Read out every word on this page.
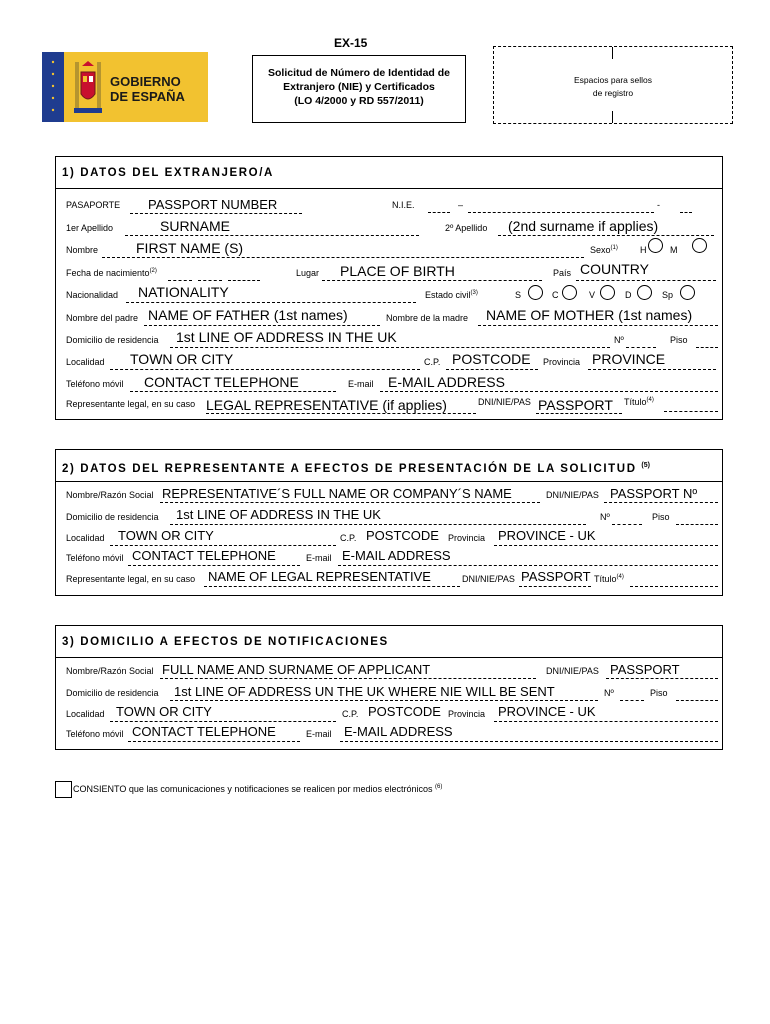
EX-15
GOBIERNO
DE ESPAÑA
Solicitud de Número de Identidad de
Extranjero (NIE) y Certificados
(LO 4/2000 y RD 557/2011)
Espacios para sellos
de registro
1) DATOS DEL EXTRANJERO/A
PASAPORTE PASSPORT NUMBER	N.I.E.	–	-
1er Apellido	SURNAME	2º Apellido (2nd surname if applies)
Nombre	FIRST NAME (S)	Sexo$^{(1)}$ H	M
Fecha de nacimiento$^{(2)}$	Lugar PLACE OF BIRTH	País COUNTRY
Nacionalidad NATIONALITY	Estado civil$^{(3)}$	S	C	V	D	Sp
Nombre del padre NAME OF FATHER (1st names)	Nombre de la madre NAME OF MOTHER (1st names)
Domicilio de residencia 1st LINE OF ADDRESS IN THE UK	Nº	Piso
Localidad TOWN OR CITY	C.P. POSTCODE Provincia PROVINCE
Teléfono móvil CONTACT TELEPHONE	E-mail E-MAIL ADDRESS
Representante legal, en su caso LEGAL REPRESENTATIVE (if applies)	DNI/NIE/PAS PASSPORT Título$^{(4)}$
2) DATOS DEL REPRESENTANTE A EFECTOS DE PRESENTACIÓN DE LA SOLICITUD $^{(5)}$
Nombre/Razón Social REPRESENTATIVE´S FULL NAME OR COMPANY´S NAME	DNI/NIE/PAS PASSPORT Nº
Domicilio de residencia 1st LINE OF ADDRESS IN THE UK	Nº	Piso
Localidad TOWN OR CITY	C.P. POSTCODE Provincia PROVINCE - UK
Teléfono móvil CONTACT TELEPHONE	E-mail E-MAIL ADDRESS
Representante legal, en su caso NAME OF LEGAL REPRESENTATIVE	DNI/NIE/PAS PASSPORT Título$^{(4)}$
3) DOMICILIO A EFECTOS DE NOTIFICACIONES
Nombre/Razón Social FULL NAME AND SURNAME OF APPLICANT	DNI/NIE/PAS PASSPORT
Domicilio de residencia 1st LINE OF ADDRESS UN THE UK WHERE NIE WILL BE SENT	Nº	Piso
Localidad TOWN OR CITY	C.P. POSTCODE Provincia PROVINCE - UK
Teléfono móvil CONTACT TELEPHONE	E-mail E-MAIL ADDRESS
CONSIENTO que las comunicaciones y notificaciones se realicen por medios electrónicos $^{(6)}$
